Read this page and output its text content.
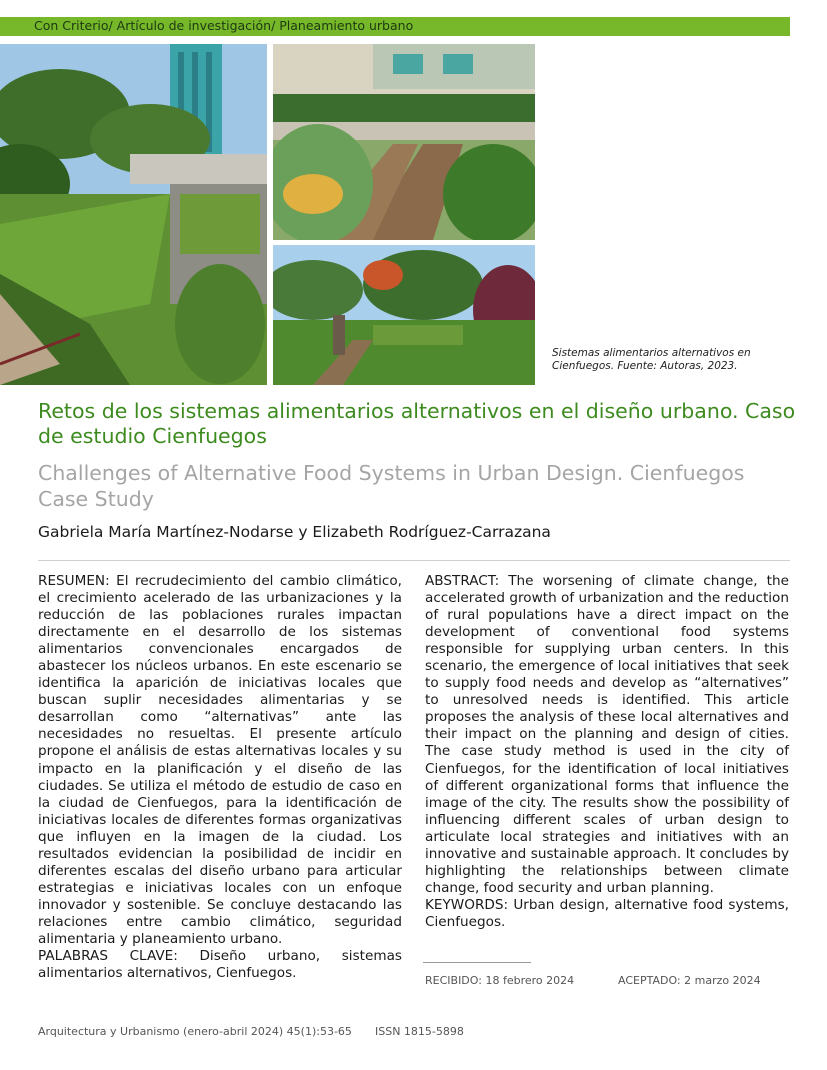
Con Criterio/ Artículo de investigación/ Planeamiento urbano
Sistemas alimentarios alternativos en Cienfuegos. Fuente: Autoras, 2023.
Retos de los sistemas alimentarios alternativos en el diseño urbano. Caso de estudio Cienfuegos
Challenges of Alternative Food Systems in Urban Design. Cienfuegos Case Study
Gabriela María Martínez-Nodarse y Elizabeth Rodríguez-Carrazana

RESUMEN: El recrudecimiento del cambio climático, el crecimiento acelerado de las urbanizaciones y la reducción de las poblaciones rurales impactan directamente en el desarrollo de los sistemas alimentarios convencionales encargados de abastecer los núcleos urbanos. En este escenario se identifica la aparición de iniciativas locales que buscan suplir necesidades alimentarias y se desarrollan como “alternativas” ante las necesidades no resueltas. El presente artículo propone el análisis de estas alternativas locales y su impacto en la planificación y el diseño de las ciudades. Se utiliza el método de estudio de caso en la ciudad de Cienfuegos, para la identificación de iniciativas locales de diferentes formas organizativas que influyen en la imagen de la ciudad. Los resultados evidencian la posibilidad de incidir en diferentes escalas del diseño urbano para articular estrategias e iniciativas locales con un enfoque innovador y sostenible. Se concluye destacando las relaciones entre cambio climático, seguridad alimentaria y planeamiento urbano.

PALABRAS CLAVE: Diseño urbano, sistemas alimentarios alternativos, Cienfuegos.

ABSTRACT: The worsening of climate change, the accelerated growth of urbanization and the reduction of rural populations have a direct impact on the development of conventional food systems responsible for supplying urban centers. In this scenario, the emergence of local initiatives that seek to supply food needs and develop as “alternatives” to unresolved needs is identified. This article proposes the analysis of these local alternatives and their impact on the planning and design of cities. The case study method is used in the city of Cienfuegos, for the identification of local initiatives of different organizational forms that influence the image of the city. The results show the possibility of influencing different scales of urban design to articulate local strategies and initiatives with an innovative and sustainable approach. It concludes by highlighting the relationships between climate change, food security and urban planning.

KEYWORDS: Urban design, alternative food systems, Cienfuegos.

RECIBIDO: 18 febrero 2024	ACEPTADO: 2 marzo 2024
Arquitectura y Urbanismo (enero-abril 2024) 45(1):53-65 ISSN 1815-5898
